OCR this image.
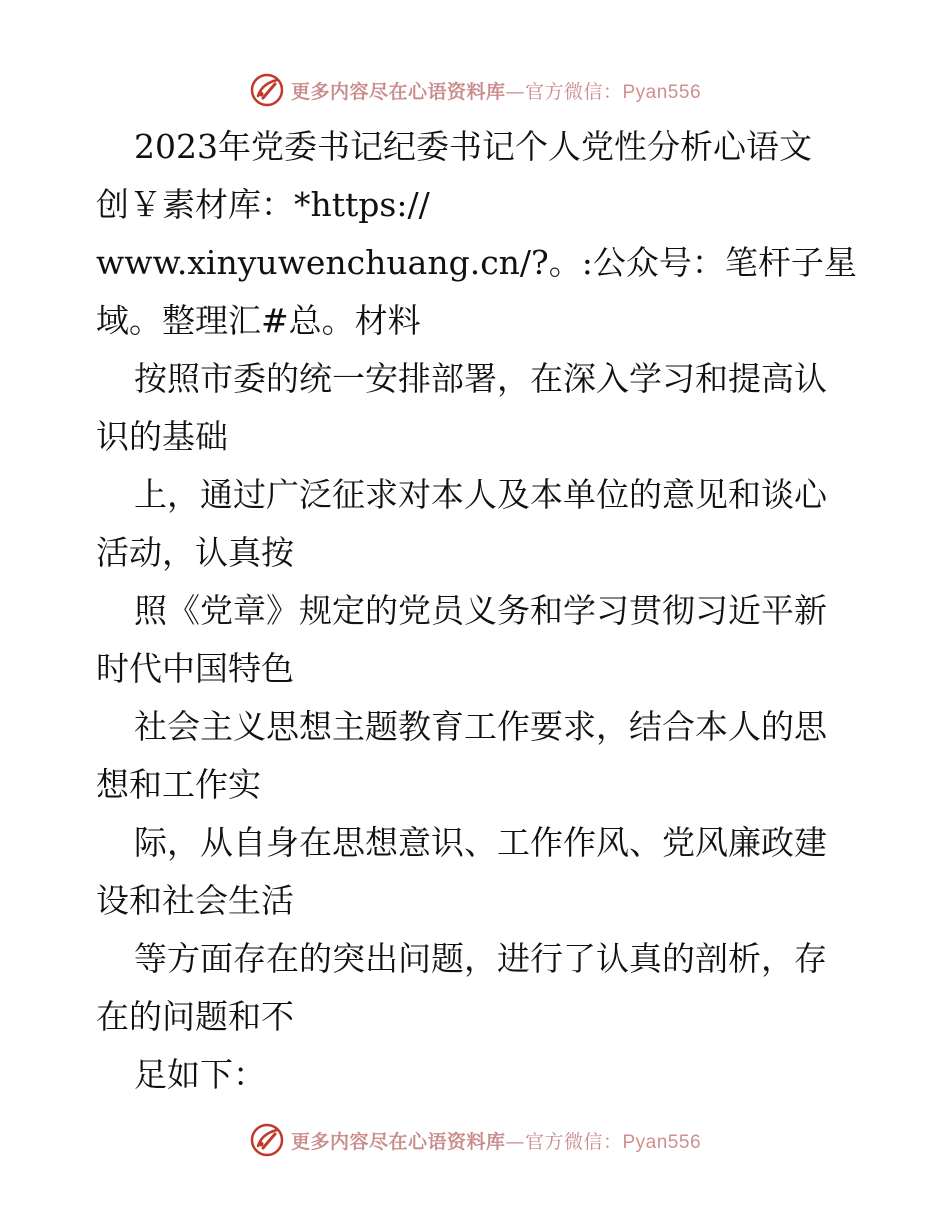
更多内容尽在心语资料库—官方微信：Pyan556
2023年党委书记纪委书记个人党性分析心语文
创￥素材库：*https://
www.xinyuwenchuang.cn/?。:公众号：笔杆子星
域。整理汇#总。材料
按照市委的统一安排部署，在深入学习和提高认
识的基础
上，通过广泛征求对本人及本单位的意见和谈心
活动，认真按
照《党章》规定的党员义务和学习贯彻习近平新
时代中国特色
社会主义思想主题教育工作要求，结合本人的思
想和工作实
际，从自身在思想意识、工作作风、党风廉政建
设和社会生活
等方面存在的突出问题，进行了认真的剖析，存
在的问题和不
足如下：
更多内容尽在心语资料库—官方微信：Pyan556
